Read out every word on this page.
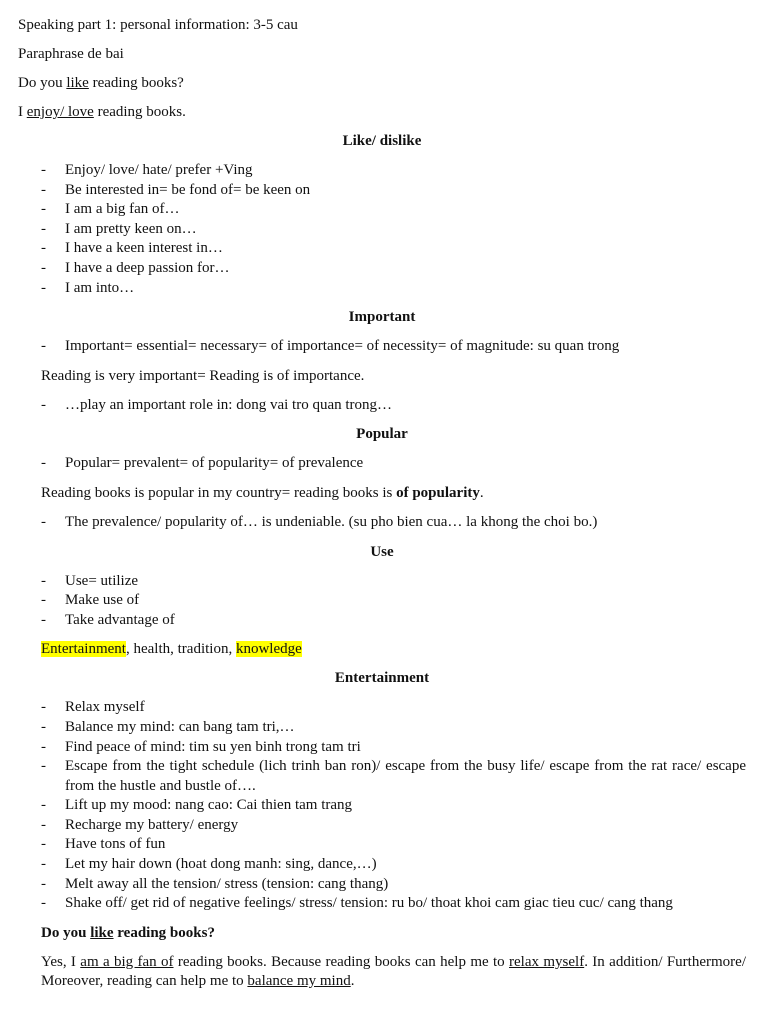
Speaking part 1: personal information: 3-5 cau

Paraphrase de bai

Do you like reading books?

I enjoy/ love reading books.

Like/ dislike

- Enjoy/ love/ hate/ prefer +Ving
- Be interested in= be fond of= be keen on
- I am a big fan of…
- I am pretty keen on…
- I have a keen interest in…
- I have a deep passion for…
- I am into…

Important

- Important= essential= necessary= of importance= of necessity= of magnitude: su quan trong

Reading is very important= Reading is of importance.

- …play an important role in: dong vai tro quan trong…

Popular

- Popular= prevalent= of popularity= of prevalence

Reading books is popular in my country= reading books is of popularity.

- The prevalence/ popularity of… is undeniable. (su pho bien cua… la khong the choi bo.)

Use

- Use= utilize
- Make use of
- Take advantage of

Entertainment, health, tradition, knowledge

Entertainment

- Relax myself
- Balance my mind: can bang tam tri,…
- Find peace of mind: tim su yen binh trong tam tri
- Escape from the tight schedule (lich trinh ban ron)/ escape from the busy life/ escape from the rat race/ escape from the hustle and bustle of….
- Lift up my mood: nang cao: Cai thien tam trang
- Recharge my battery/ energy
- Have tons of fun
- Let my hair down (hoat dong manh: sing, dance,…)
- Melt away all the tension/ stress (tension: cang thang)
- Shake off/ get rid of negative feelings/ stress/ tension: ru bo/ thoat khoi cam giac tieu cuc/ cang thang

Do you like reading books?

Yes, I am a big fan of reading books. Because reading books can help me to relax myself. In addition/ Furthermore/ Moreover, reading can help me to balance my mind.
